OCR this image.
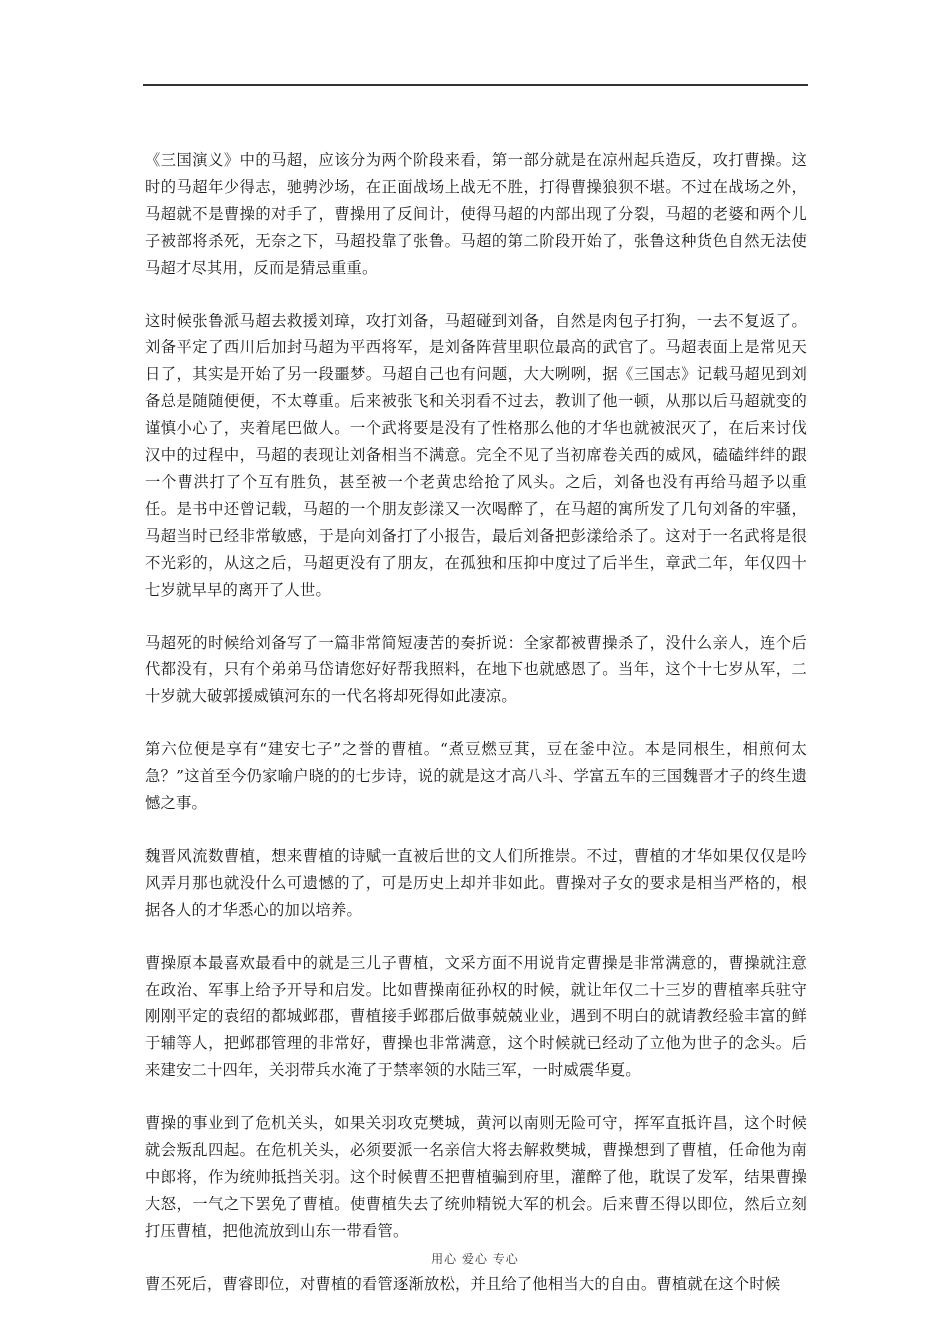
《三国演义》中的马超，应该分为两个阶段来看，第一部分就是在凉州起兵造反，攻打曹操。这时的马超年少得志，驰骋沙场，在正面战场上战无不胜，打得曹操狼狈不堪。不过在战场之外，马超就不是曹操的对手了，曹操用了反间计，使得马超的内部出现了分裂，马超的老婆和两个儿子被部将杀死，无奈之下，马超投靠了张鲁。马超的第二阶段开始了，张鲁这种货色自然无法使马超才尽其用，反而是猜忌重重。

这时候张鲁派马超去救援刘璋，攻打刘备，马超碰到刘备，自然是肉包子打狗，一去不复返了。刘备平定了西川后加封马超为平西将军，是刘备阵营里职位最高的武官了。马超表面上是常见天日了，其实是开始了另一段噩梦。马超自己也有问题，大大咧咧，据《三国志》记载马超见到刘备总是随随便便，不太尊重。后来被张飞和关羽看不过去，教训了他一顿，从那以后马超就变的谨慎小心了，夹着尾巴做人。一个武将要是没有了性格那么他的才华也就被泯灭了，在后来讨伐汉中的过程中，马超的表现让刘备相当不满意。完全不见了当初席卷关西的威风，磕磕绊绊的跟一个曹洪打了个互有胜负，甚至被一个老黄忠给抢了风头。之后，刘备也没有再给马超予以重任。是书中还曾记载，马超的一个朋友彭漾又一次喝醉了，在马超的寓所发了几句刘备的牢骚，马超当时已经非常敏感，于是向刘备打了小报告，最后刘备把彭漾给杀了。这对于一名武将是很不光彩的，从这之后，马超更没有了朋友，在孤独和压抑中度过了后半生，章武二年，年仅四十七岁就早早的离开了人世。

马超死的时候给刘备写了一篇非常简短凄苦的奏折说：全家都被曹操杀了，没什么亲人，连个后代都没有，只有个弟弟马岱请您好好帮我照料，在地下也就感恩了。当年，这个十七岁从军，二十岁就大破郭援威镇河东的一代名将却死得如此凄凉。

第六位便是享有“建安七子”之誉的曹植。“煮豆燃豆萁，豆在釜中泣。本是同根生，相煎何太急？”这首至今仍家喻户晓的的七步诗，说的就是这才高八斗、学富五车的三国魏晋才子的终生遗憾之事。

魏晋风流数曹植，想来曹植的诗赋一直被后世的文人们所推崇。不过，曹植的才华如果仅仅是吟风弄月那也就没什么可遗憾的了，可是历史上却并非如此。曹操对子女的要求是相当严格的，根据各人的才华悉心的加以培养。

曹操原本最喜欢最看中的就是三儿子曹植，文采方面不用说肯定曹操是非常满意的，曹操就注意在政治、军事上给予开导和启发。比如曹操南征孙权的时候，就让年仅二十三岁的曹植率兵驻守刚刚平定的袁绍的都城邺郡，曹植接手邺郡后做事兢兢业业，遇到不明白的就请教经验丰富的鲜于辅等人，把邺郡管理的非常好，曹操也非常满意，这个时候就已经动了立他为世子的念头。后来建安二十四年，关羽带兵水淹了于禁率领的水陆三军，一时威震华夏。

曹操的事业到了危机关头，如果关羽攻克樊城，黄河以南则无险可守，挥军直抵许昌，这个时候就会叛乱四起。在危机关头，必须要派一名亲信大将去解救樊城，曹操想到了曹植，任命他为南中郎将，作为统帅抵挡关羽。这个时候曹丕把曹植骗到府里，灌醉了他，耽误了发军，结果曹操大怒，一气之下罢免了曹植。使曹植失去了统帅精锐大军的机会。后来曹丕得以即位，然后立刻打压曹植，把他流放到山东一带看管。

曹丕死后，曹睿即位，对曹植的看管逐渐放松，并且给了他相当大的自由。曹植就在这个时候

用心 爱心 专心
